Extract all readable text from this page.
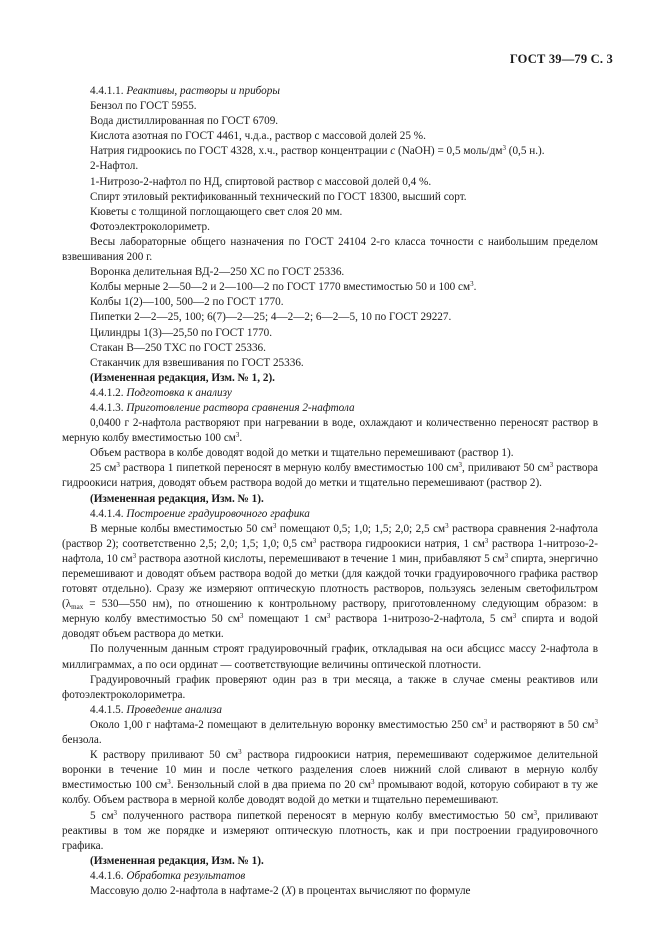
ГОСТ 39—79 С. 3
4.4.1.1. Реактивы, растворы и приборы
Бензол по ГОСТ 5955.
Вода дистиллированная по ГОСТ 6709.
Кислота азотная по ГОСТ 4461, ч.д.а., раствор с массовой долей 25 %.
Натрия гидроокись по ГОСТ 4328, х.ч., раствор концентрации c (NaOH) = 0,5 моль/$дм^3$ (0,5 н.).
2-Нафтол.
1-Нитрозо-2-нафтол по НД, спиртовой раствор с массовой долей 0,4 %.
Спирт этиловый ректификованный технический по ГОСТ 18300, высший сорт.
Кюветы с толщиной поглощающего свет слоя 20 мм.
Фотоэлектроколориметр.
Весы лабораторные общего назначения по ГОСТ 24104 2-го класса точности с наибольшим пределом взвешивания 200 г.
Воронка делительная ВД-2—250 ХС по ГОСТ 25336.
Колбы мерные 2—50—2 и 2—100—2 по ГОСТ 1770 вместимостью 50 и 100 $см^3$.
Колбы 1(2)—100, 500—2 по ГОСТ 1770.
Пипетки 2—2—25, 100; 6(7)—2—25; 4—2—2; 6—2—5, 10 по ГОСТ 29227.
Цилиндры 1(3)—25,50 по ГОСТ 1770.
Стакан В—250 ТХС по ГОСТ 25336.
Стаканчик для взвешивания по ГОСТ 25336.
(Измененная редакция, Изм. № 1, 2).
4.4.1.2. Подготовка к анализу
4.4.1.3. Приготовление раствора сравнения 2-нафтола
0,0400 г 2-нафтола растворяют при нагревании в воде, охлаждают и количественно переносят раствор в мерную колбу вместимостью 100 $см^3$.
Объем раствора в колбе доводят водой до метки и тщательно перемешивают (раствор 1).
25 $см^3$ раствора 1 пипеткой переносят в мерную колбу вместимостью 100 $см^3$, приливают 50 $см^3$ раствора гидроокиси натрия, доводят объем раствора водой до метки и тщательно перемешивают (раствор 2).
(Измененная редакция, Изм. № 1).
4.4.1.4. Построение градуировочного графика
В мерные колбы вместимостью 50 $см^3$ помещают 0,5; 1,0; 1,5; 2,0; 2,5 $см^3$ раствора сравнения 2-нафтола (раствор 2); соответственно 2,5; 2,0; 1,5; 1,0; 0,5 $см^3$ раствора гидроокиси натрия, 1 $см^3$ раствора 1-нитрозо-2-нафтола, 10 $см^3$ раствора азотной кислоты, перемешивают в течение 1 мин, прибавляют 5 $см^3$ спирта, энергично перемешивают и доводят объем раствора водой до метки (для каждой точки градуировочного графика раствор готовят отдельно). Сразу же измеряют оптическую плотность растворов, пользуясь зеленым светофильтром ($\lambda_{max}$ = 530—550 нм), по отношению к контрольному раствору, приготовленному следующим образом: в мерную колбу вместимостью 50 $см^3$ помещают 1 $см^3$ раствора 1-нитрозо-2-нафтола, 5 $см^3$ спирта и водой доводят объем раствора до метки.
По полученным данным строят градуировочный график, откладывая на оси абсцисс массу 2-нафтола в миллиграммах, а по оси ординат — соответствующие величины оптической плотности.
Градуировочный график проверяют один раз в три месяца, а также в случае смены реактивов или фотоэлектроколориметра.
4.4.1.5. Проведение анализа
Около 1,00 г нафтама-2 помещают в делительную воронку вместимостью 250 $см^3$ и растворяют в 50 $см^3$ бензола.
К раствору приливают 50 $см^3$ раствора гидроокиси натрия, перемешивают содержимое делительной воронки в течение 10 мин и после четкого разделения слоев нижний слой сливают в мерную колбу вместимостью 100 $см^3$. Бензольный слой в два приема по 20 $см^3$ промывают водой, которую собирают в ту же колбу. Объем раствора в мерной колбе доводят водой до метки и тщательно перемешивают.
5 $см^3$ полученного раствора пипеткой переносят в мерную колбу вместимостью 50 $см^3$, приливают реактивы в том же порядке и измеряют оптическую плотность, как и при построении градуировочного графика.
(Измененная редакция, Изм. № 1).
4.4.1.6. Обработка результатов
Массовую долю 2-нафтола в нафтаме-2 (X) в процентах вычисляют по формуле
